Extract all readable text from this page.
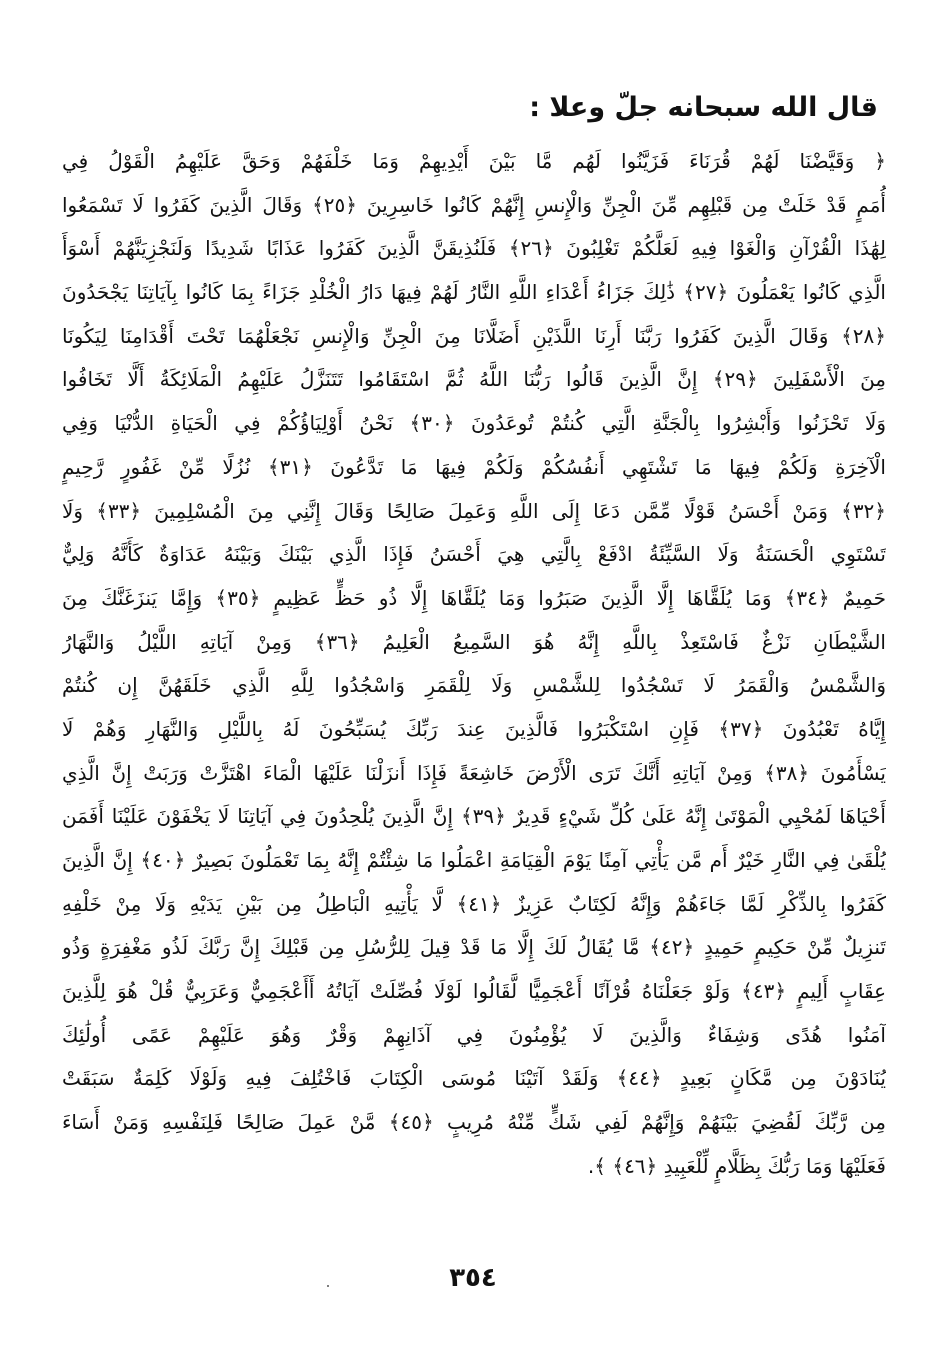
قال الله سبحانه جلّ وعلا :
﴿ وَقَيَّضْنَا لَهُمْ قُرَنَاءَ فَزَيَّنُوا لَهُم مَّا بَيْنَ أَيْدِيهِمْ وَمَا خَلْفَهُمْ وَحَقَّ عَلَيْهِمُ الْقَوْلُ فِي
أُمَمٍ قَدْ خَلَتْ مِن قَبْلِهِم مِّنَ الْجِنِّ وَالْإِنسِ إِنَّهُمْ كَانُوا خَاسِرِينَ ﴿٢٥﴾ وَقَالَ الَّذِينَ كَفَرُوا لَا تَسْمَعُوا
لِهَٰذَا الْقُرْآنِ وَالْغَوْا فِيهِ لَعَلَّكُمْ تَغْلِبُونَ ﴿٢٦﴾ فَلَنُذِيقَنَّ الَّذِينَ كَفَرُوا عَذَابًا شَدِيدًا وَلَنَجْزِيَنَّهُمْ أَسْوَأَ
الَّذِي كَانُوا يَعْمَلُونَ ﴿٢٧﴾ ذَٰلِكَ جَزَاءُ أَعْدَاءِ اللَّهِ النَّارُ لَهُمْ فِيهَا دَارُ الْخُلْدِ جَزَاءً بِمَا كَانُوا بِآيَاتِنَا يَجْحَدُونَ
﴿٢٨﴾ وَقَالَ الَّذِينَ كَفَرُوا رَبَّنَا أَرِنَا اللَّذَيْنِ أَضَلَّانَا مِنَ الْجِنِّ وَالْإِنسِ نَجْعَلْهُمَا تَحْتَ أَقْدَامِنَا لِيَكُونَا
مِنَ الْأَسْفَلِينَ ﴿٢٩﴾ إِنَّ الَّذِينَ قَالُوا رَبُّنَا اللَّهُ ثُمَّ اسْتَقَامُوا تَتَنَزَّلُ عَلَيْهِمُ الْمَلَائِكَةُ أَلَّا تَخَافُوا
وَلَا تَحْزَنُوا وَأَبْشِرُوا بِالْجَنَّةِ الَّتِي كُنتُمْ تُوعَدُونَ ﴿٣٠﴾ نَحْنُ أَوْلِيَاؤُكُمْ فِي الْحَيَاةِ الدُّنْيَا وَفِي
الْآخِرَةِ وَلَكُمْ فِيهَا مَا تَشْتَهِي أَنفُسُكُمْ وَلَكُمْ فِيهَا مَا تَدَّعُونَ ﴿٣١﴾ نُزُلًا مِّنْ غَفُورٍ رَّحِيمٍ
﴿٣٢﴾ وَمَنْ أَحْسَنُ قَوْلًا مِّمَّن دَعَا إِلَى اللَّهِ وَعَمِلَ صَالِحًا وَقَالَ إِنَّنِي مِنَ الْمُسْلِمِينَ ﴿٣٣﴾ وَلَا
تَسْتَوِي الْحَسَنَةُ وَلَا السَّيِّئَةُ ادْفَعْ بِالَّتِي هِيَ أَحْسَنُ فَإِذَا الَّذِي بَيْنَكَ وَبَيْنَهُ عَدَاوَةٌ كَأَنَّهُ وَلِيٌّ
حَمِيمٌ ﴿٣٤﴾ وَمَا يُلَقَّاهَا إِلَّا الَّذِينَ صَبَرُوا وَمَا يُلَقَّاهَا إِلَّا ذُو حَظٍّ عَظِيمٍ ﴿٣٥﴾ وَإِمَّا يَنزَغَنَّكَ مِنَ
الشَّيْطَانِ نَزْغٌ فَاسْتَعِذْ بِاللَّهِ إِنَّهُ هُوَ السَّمِيعُ الْعَلِيمُ ﴿٣٦﴾ وَمِنْ آيَاتِهِ اللَّيْلُ وَالنَّهَارُ
وَالشَّمْسُ وَالْقَمَرُ لَا تَسْجُدُوا لِلشَّمْسِ وَلَا لِلْقَمَرِ وَاسْجُدُوا لِلَّهِ الَّذِي خَلَقَهُنَّ إِن كُنتُمْ
إِيَّاهُ تَعْبُدُونَ ﴿٣٧﴾ فَإِنِ اسْتَكْبَرُوا فَالَّذِينَ عِندَ رَبِّكَ يُسَبِّحُونَ لَهُ بِاللَّيْلِ وَالنَّهَارِ وَهُمْ لَا
يَسْأَمُونَ ﴿٣٨﴾ وَمِنْ آيَاتِهِ أَنَّكَ تَرَى الْأَرْضَ خَاشِعَةً فَإِذَا أَنزَلْنَا عَلَيْهَا الْمَاءَ اهْتَزَّتْ وَرَبَتْ إِنَّ الَّذِي
أَحْيَاهَا لَمُحْيِي الْمَوْتَىٰ إِنَّهُ عَلَىٰ كُلِّ شَيْءٍ قَدِيرٌ ﴿٣٩﴾ إِنَّ الَّذِينَ يُلْحِدُونَ فِي آيَاتِنَا لَا يَخْفَوْنَ عَلَيْنَا أَفَمَن
يُلْقَىٰ فِي النَّارِ خَيْرٌ أَم مَّن يَأْتِي آمِنًا يَوْمَ الْقِيَامَةِ اعْمَلُوا مَا شِئْتُمْ إِنَّهُ بِمَا تَعْمَلُونَ بَصِيرٌ ﴿٤٠﴾ إِنَّ الَّذِينَ
كَفَرُوا بِالذِّكْرِ لَمَّا جَاءَهُمْ وَإِنَّهُ لَكِتَابٌ عَزِيزٌ ﴿٤١﴾ لَّا يَأْتِيهِ الْبَاطِلُ مِن بَيْنِ يَدَيْهِ وَلَا مِنْ خَلْفِهِ
تَنزِيلٌ مِّنْ حَكِيمٍ حَمِيدٍ ﴿٤٢﴾ مَّا يُقَالُ لَكَ إِلَّا مَا قَدْ قِيلَ لِلرُّسُلِ مِن قَبْلِكَ إِنَّ رَبَّكَ لَذُو مَغْفِرَةٍ وَذُو
عِقَابٍ أَلِيمٍ ﴿٤٣﴾ وَلَوْ جَعَلْنَاهُ قُرْآنًا أَعْجَمِيًّا لَّقَالُوا لَوْلَا فُصِّلَتْ آيَاتُهُ أَأَعْجَمِيٌّ وَعَرَبِيٌّ قُلْ هُوَ لِلَّذِينَ
آمَنُوا هُدًى وَشِفَاءٌ وَالَّذِينَ لَا يُؤْمِنُونَ فِي آذَانِهِمْ وَقْرٌ وَهُوَ عَلَيْهِمْ عَمًى أُولَٰئِكَ
يُنَادَوْنَ مِن مَّكَانٍ بَعِيدٍ ﴿٤٤﴾ وَلَقَدْ آتَيْنَا مُوسَى الْكِتَابَ فَاخْتُلِفَ فِيهِ وَلَوْلَا كَلِمَةٌ سَبَقَتْ
مِن رَّبِّكَ لَقُضِيَ بَيْنَهُمْ وَإِنَّهُمْ لَفِي شَكٍّ مِّنْهُ مُرِيبٍ ﴿٤٥﴾ مَّنْ عَمِلَ صَالِحًا فَلِنَفْسِهِ وَمَنْ أَسَاءَ
فَعَلَيْهَا وَمَا رَبُّكَ بِظَلَّامٍ لِّلْعَبِيدِ ﴿٤٦﴾ ﴾.
٣٥٤
